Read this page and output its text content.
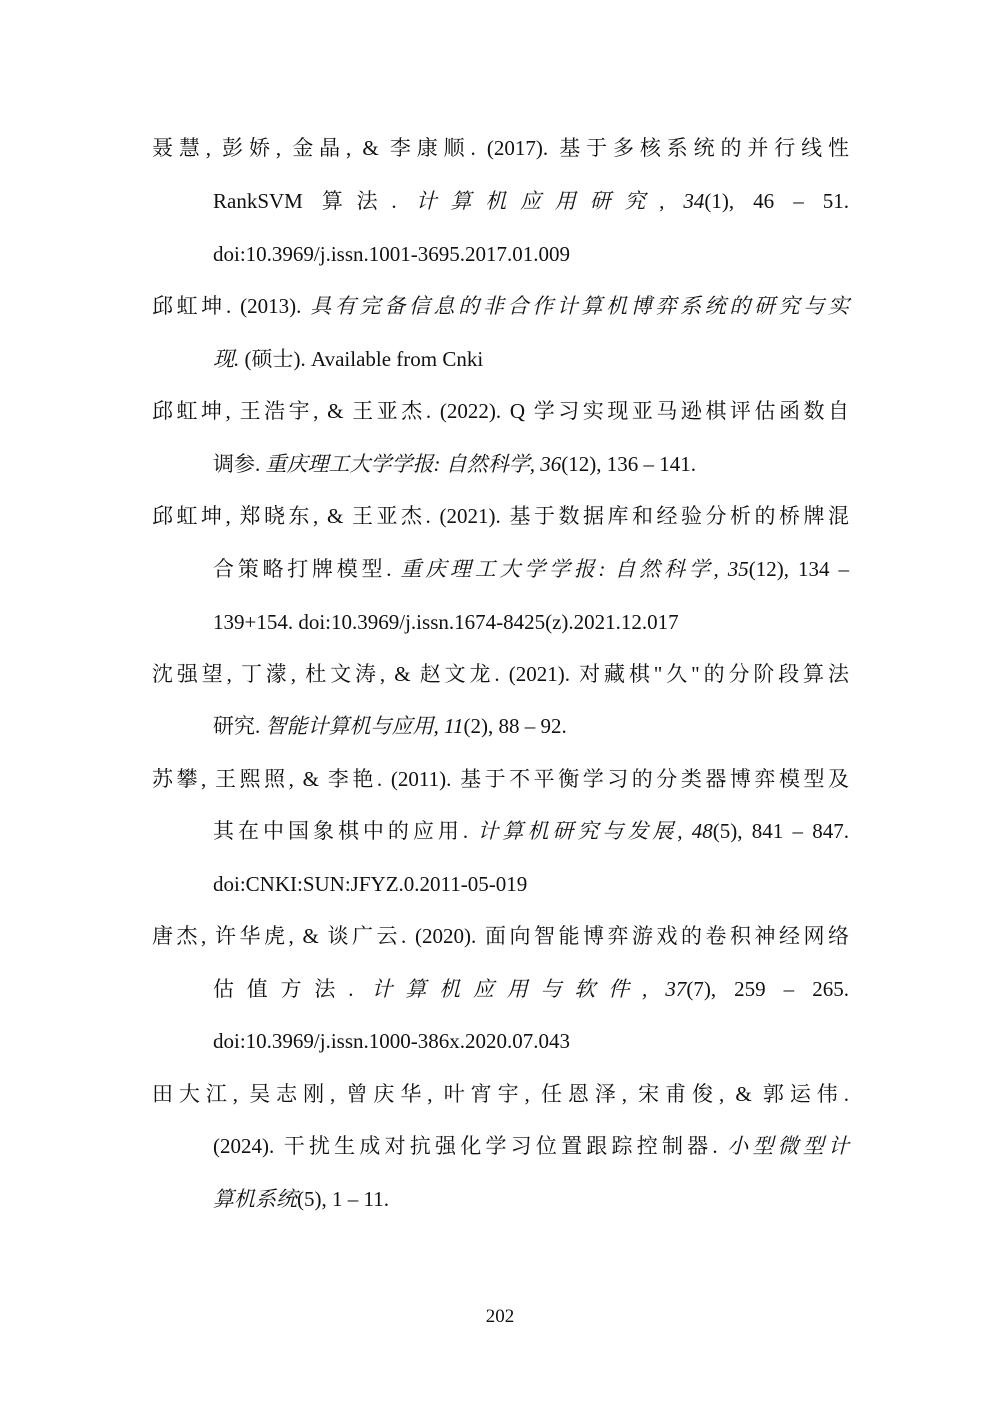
聂慧, 彭娇, 金晶, & 李康顺. (2017). 基于多核系统的并行线性
RankSVM 算法. 计算机应用研究, 34(1), 46 – 51.
doi:10.3969/j.issn.1001-3695.2017.01.009
邱虹坤. (2013). 具有完备信息的非合作计算机博弈系统的研究与实
现. (硕士). Available from Cnki
邱虹坤, 王浩宇, & 王亚杰. (2022). Q 学习实现亚马逊棋评估函数自
调参. 重庆理工大学学报: 自然科学, 36(12), 136 – 141.
邱虹坤, 郑晓东, & 王亚杰. (2021). 基于数据库和经验分析的桥牌混
合策略打牌模型. 重庆理工大学学报: 自然科学, 35(12), 134 –
139+154. doi:10.3969/j.issn.1674-8425(z).2021.12.017
沈强望, 丁濛, 杜文涛, & 赵文龙. (2021). 对藏棋"久"的分阶段算法
研究. 智能计算机与应用, 11(2), 88 – 92.
苏攀, 王熙照, & 李艳. (2011). 基于不平衡学习的分类器博弈模型及
其在中国象棋中的应用. 计算机研究与发展, 48(5), 841 – 847.
doi:CNKI:SUN:JFYZ.0.2011-05-019
唐杰, 许华虎, & 谈广云. (2020). 面向智能博弈游戏的卷积神经网络
估值方法. 计算机应用与软件, 37(7), 259 – 265.
doi:10.3969/j.issn.1000-386x.2020.07.043
田大江, 吴志刚, 曾庆华, 叶宵宇, 任恩泽, 宋甫俊, & 郭运伟.
(2024). 干扰生成对抗强化学习位置跟踪控制器. 小型微型计
算机系统(5), 1 – 11.
202
